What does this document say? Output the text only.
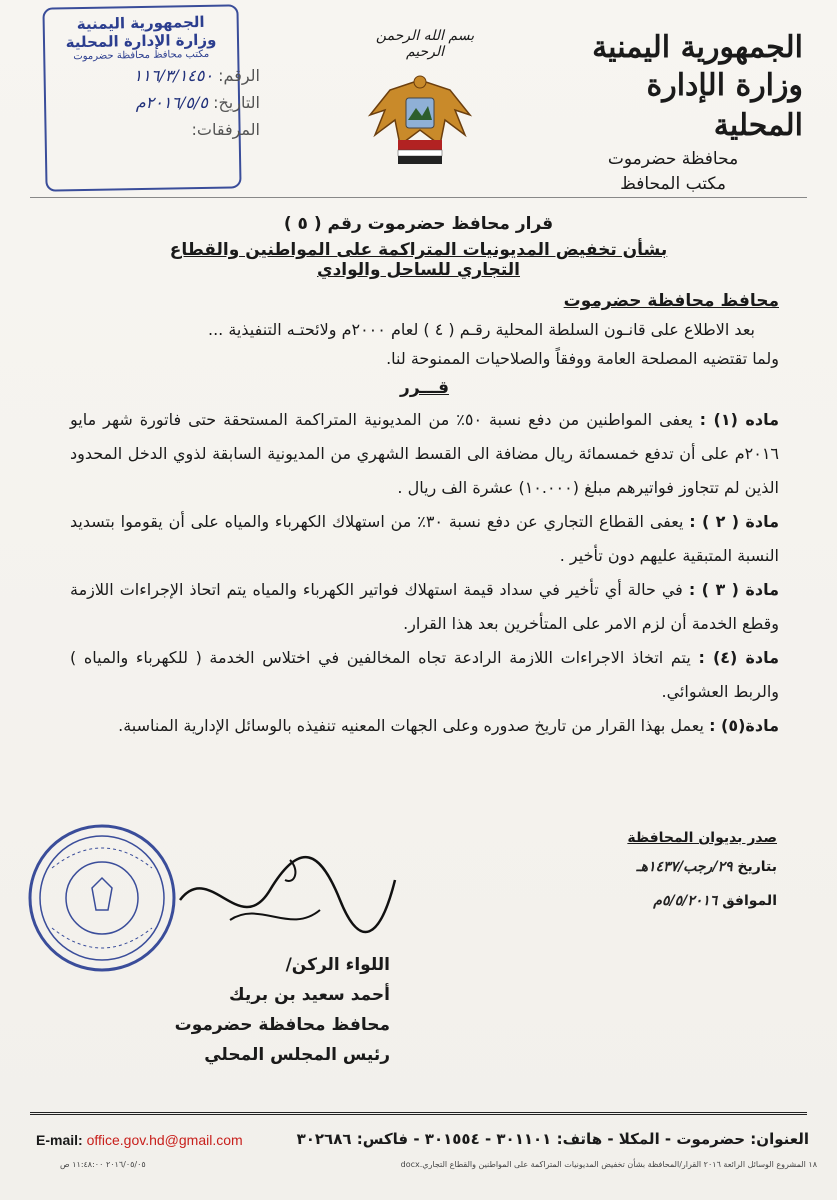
الجمهورية اليمنية
وزارة الإدارة المحلية
محافظة حضرموت
مكتب المحافظ
بسم الله الرحمن الرحيم
الجمهورية اليمنية
وزارة الإدارة المحلية
مكتب محافظ محافظة حضرموت
الرقم: ١١٦/٣/١٤٥٠
التاريخ: ٢٠١٦/٥/٥م
المرفقات:
قرار محافظ حضرموت رقم ( ٥ )
بشأن تخفيض المديونيات المتراكمة على المواطنين والقطاع التجاري للساحل والوادي
محافظ محافظة حضرموت
بعد الاطلاع على قانـون السلطة المحلية رقـم ( ٤ ) لعام ٢٠٠٠م ولائحتـه التنفيذية ...
ولما تقتضيه المصلحة العامة ووفقاً والصلاحيات الممنوحة لنا.
قـــرر
ماده (١) : يعفى المواطنين من دفع نسبة ٥٠٪ من المديونية المتراكمة المستحقة حتى فاتورة شهر مايو ٢٠١٦م على أن تدفع خمسمائة ريال مضافة الى القسط الشهري من المديونية السابقة لذوي الدخل المحدود الذين لم تتجاوز فواتيرهم مبلغ (١٠.٠٠٠) عشرة الف ريال .
مادة ( ٢ ) : يعفى القطاع التجاري عن دفع نسبة ٣٠٪ من استهلاك الكهرباء والمياه على أن يقوموا بتسديد النسبة المتبقية عليهم دون تأخير .
مادة ( ٣ ) : في حالة أي تأخير في سداد قيمة استهلاك فواتير الكهرباء والمياه يتم اتحاذ الإجراءات اللازمة وقطع الخدمة أن لزم الامر على المتأخرين بعد هذا القرار.
مادة (٤) : يتم اتخاذ الاجراءات اللازمة الرادعة تجاه المخالفين في اختلاس الخدمة ( للكهرباء والمياه ) والربط العشوائي.
مادة(٥) : يعمل بهذا القرار من تاريخ صدوره وعلى الجهات المعنيه تنفيذه بالوسائل الإدارية المناسبة.
صدر بديوان المحافظة
بتاريخ ٢٩/رجب/١٤٣٧هـ
الموافق ٥/٥/٢٠١٦م
اللواء الركن/
أحمد سعيد بن بريك
محافظ محافظة حضرموت
رئيس المجلس المحلي
العنوان: حضرموت - المكلا - هاتف: ٣٠١١٠١ - ٣٠١٥٥٤ - فاكس: ٣٠٢٦٨٦
E-mail: office.gov.hd@gmail.com
١٨ المشروع الوسائل الرائعة ٢٠١٦ القرار/المحافظة بشأن تخفيض المديونيات المتراكمة على المواطنين والقطاع التجاري.docx
٢٠١٦/٠٥/٠٥ ١١:٤٨:٠٠ ص
